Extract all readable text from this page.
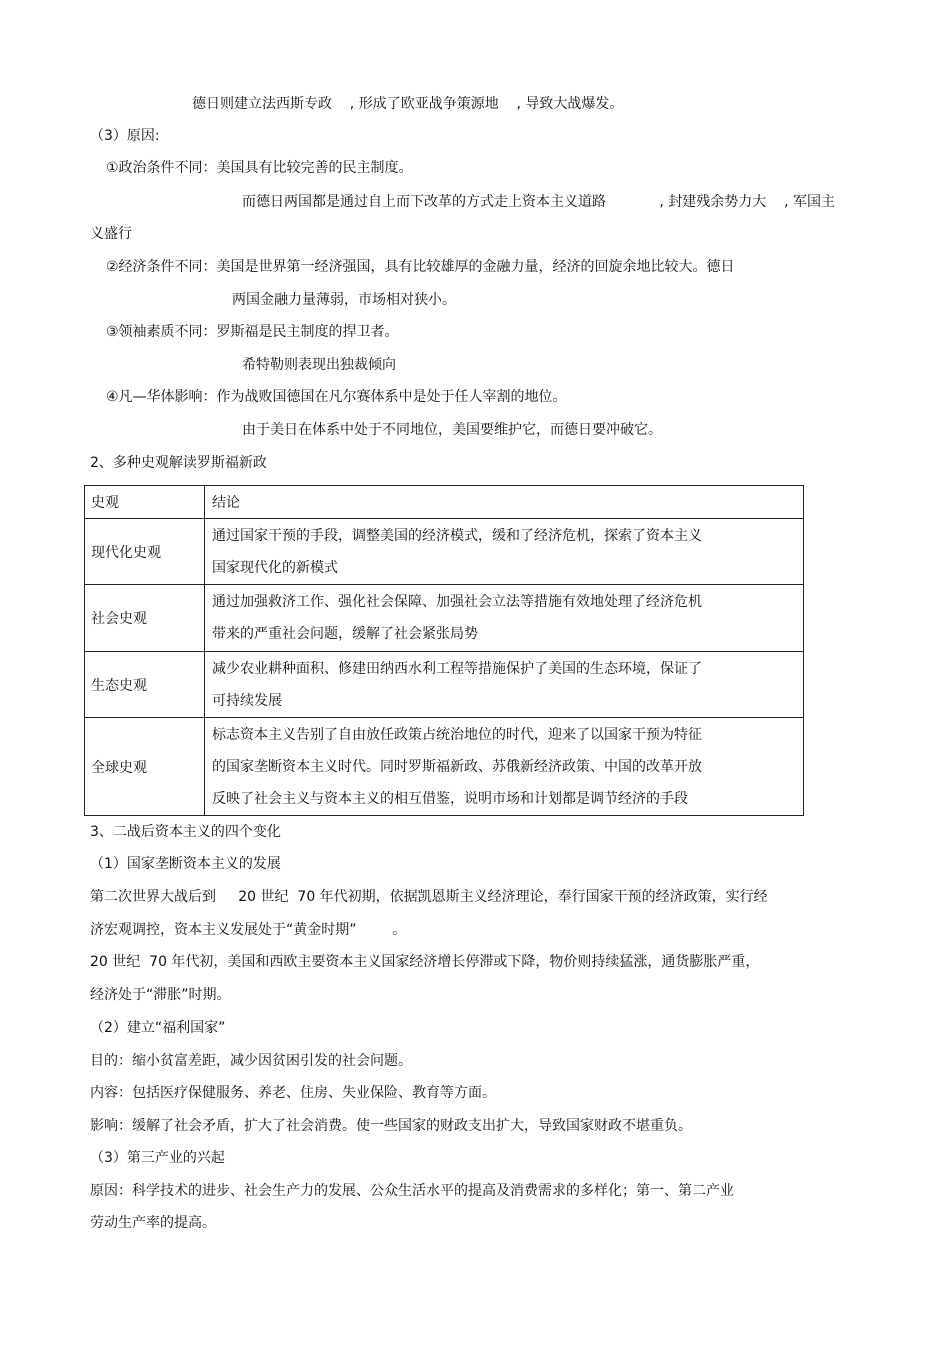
德日则建立法西斯专政    , 形成了欧亚战争策源地    , 导致大战爆发。
（3）原因:
①政治条件不同：美国具有比较完善的民主制度。
而德日两国都是通过自上而下改革的方式走上资本主义道路            , 封建残余势力大    , 军国主
义盛行
②经济条件不同：美国是世界第一经济强国，具有比较雄厚的金融力量，经济的回旋余地比较大。德日
两国金融力量薄弱，市场相对狭小。
③领袖素质不同：罗斯福是民主制度的捍卫者。
希特勒则表现出独裁倾向
④凡—华体影响：作为战败国德国在凡尔赛体系中是处于任人宰割的地位。
由于美日在体系中处于不同地位，美国要维护它，而德日要冲破它。
2、多种史观解读罗斯福新政
史观	结论
现代化史观	通过国家干预的手段，调整美国的经济模式，缓和了经济危机，探索了资本主义
国家现代化的新模式

社会史观	通过加强救济工作、强化社会保障、加强社会立法等措施有效地处理了经济危机
带来的严重社会问题，缓解了社会紧张局势

生态史观	减少农业耕种面积、修建田纳西水利工程等措施保护了美国的生态环境，保证了
可持续发展

全球史观	标志资本主义告别了自由放任政策占统治地位的时代，迎来了以国家干预为特征
的国家垄断资本主义时代。同时罗斯福新政、苏俄新经济政策、中国的改革开放
反映了社会主义与资本主义的相互借鉴，说明市场和计划都是调节经济的手段
3、二战后资本主义的四个变化
（1）国家垄断资本主义的发展
第二次世界大战后到     20 世纪  70 年代初期，依据凯恩斯主义经济理论，奉行国家干预的经济政策，实行经
济宏观调控，资本主义发展处于“黄金时期”        。
20 世纪  70 年代初，美国和西欧主要资本主义国家经济增长停滞或下降，物价则持续猛涨，通货膨胀严重，
经济处于“滞胀”时期。
（2）建立“福利国家”
目的：缩小贫富差距，减少因贫困引发的社会问题。
内容：包括医疗保健服务、养老、住房、失业保险、教育等方面。
影响：缓解了社会矛盾，扩大了社会消费。使一些国家的财政支出扩大，导致国家财政不堪重负。
（3）第三产业的兴起
原因：科学技术的进步、社会生产力的发展、公众生活水平的提高及消费需求的多样化；第一、第二产业
劳动生产率的提高。
